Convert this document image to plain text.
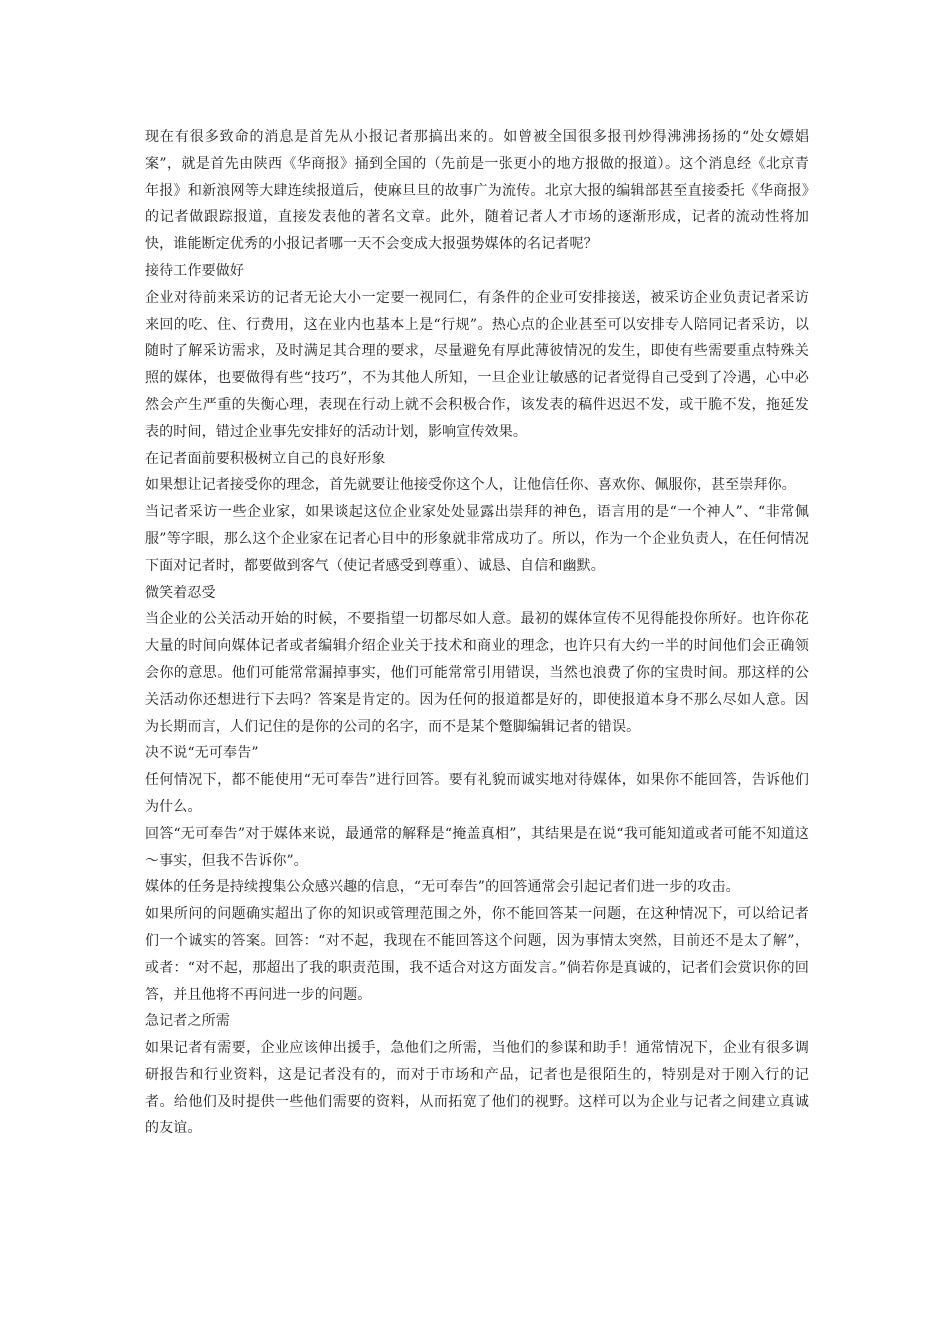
现在有很多致命的消息是首先从小报记者那搞出来的。如曾被全国很多报刊炒得沸沸扬扬的“处女嫖娼案”，就是首先由陕西《华商报》捅到全国的（先前是一张更小的地方报做的报道）。这个消息经《北京青年报》和新浪网等大肆连续报道后，使麻旦旦的故事广为流传。北京大报的编辑部甚至直接委托《华商报》的记者做跟踪报道，直接发表他的著名文章。此外，随着记者人才市场的逐渐形成，记者的流动性将加快，谁能断定优秀的小报记者哪一天不会变成大报强势媒体的名记者呢？

接待工作要做好

企业对待前来采访的记者无论大小一定要一视同仁，有条件的企业可安排接送，被采访企业负责记者采访来回的吃、住、行费用，这在业内也基本上是“行规”。热心点的企业甚至可以安排专人陪同记者采访，以随时了解采访需求，及时满足其合理的要求，尽量避免有厚此薄彼情况的发生，即使有些需要重点特殊关照的媒体，也要做得有些“技巧”，不为其他人所知，一旦企业让敏感的记者觉得自己受到了冷遇，心中必然会产生严重的失衡心理，表现在行动上就不会积极合作，该发表的稿件迟迟不发，或干脆不发，拖延发表的时间，错过企业事先安排好的活动计划，影响宣传效果。

在记者面前要积极树立自己的良好形象

如果想让记者接受你的理念，首先就要让他接受你这个人，让他信任你、喜欢你、佩服你，甚至崇拜你。

当记者采访一些企业家，如果谈起这位企业家处处显露出崇拜的神色，语言用的是“一个神人”、“非常佩服”等字眼，那么这个企业家在记者心目中的形象就非常成功了。所以，作为一个企业负责人，在任何情况下面对记者时，都要做到客气（使记者感受到尊重）、诚恳、自信和幽默。

微笑着忍受

当企业的公关活动开始的时候，不要指望一切都尽如人意。最初的媒体宣传不见得能投你所好。也许你花大量的时间向媒体记者或者编辑介绍企业关于技术和商业的理念，也许只有大约一半的时间他们会正确领会你的意思。他们可能常常漏掉事实，他们可能常常引用错误，当然也浪费了你的宝贵时间。那这样的公关活动你还想进行下去吗？答案是肯定的。因为任何的报道都是好的，即使报道本身不那么尽如人意。因为长期而言，人们记住的是你的公司的名字，而不是某个蹩脚编辑记者的错误。

决不说“无可奉告”

任何情况下，都不能使用“无可奉告”进行回答。要有礼貌而诚实地对待媒体，如果你不能回答，告诉他们为什么。

回答“无可奉告”对于媒体来说，最通常的解释是“掩盖真相”，其结果是在说“我可能知道或者可能不知道这～事实，但我不告诉你”。

媒体的任务是持续搜集公众感兴趣的信息，“无可奉告”的回答通常会引起记者们进一步的攻击。

如果所问的问题确实超出了你的知识或管理范围之外，你不能回答某一问题，在这种情况下，可以给记者们一个诚实的答案。回答：“对不起，我现在不能回答这个问题，因为事情太突然，目前还不是太了解”，或者：“对不起，那超出了我的职责范围，我不适合对这方面发言。”倘若你是真诚的，记者们会赏识你的回答，并且他将不再问进一步的问题。

急记者之所需

如果记者有需要，企业应该伸出援手，急他们之所需，当他们的参谋和助手！通常情况下，企业有很多调研报告和行业资料，这是记者没有的，而对于市场和产品，记者也是很陌生的，特别是对于刚入行的记者。给他们及时提供一些他们需要的资料，从而拓宽了他们的视野。这样可以为企业与记者之间建立真诚的友谊。
